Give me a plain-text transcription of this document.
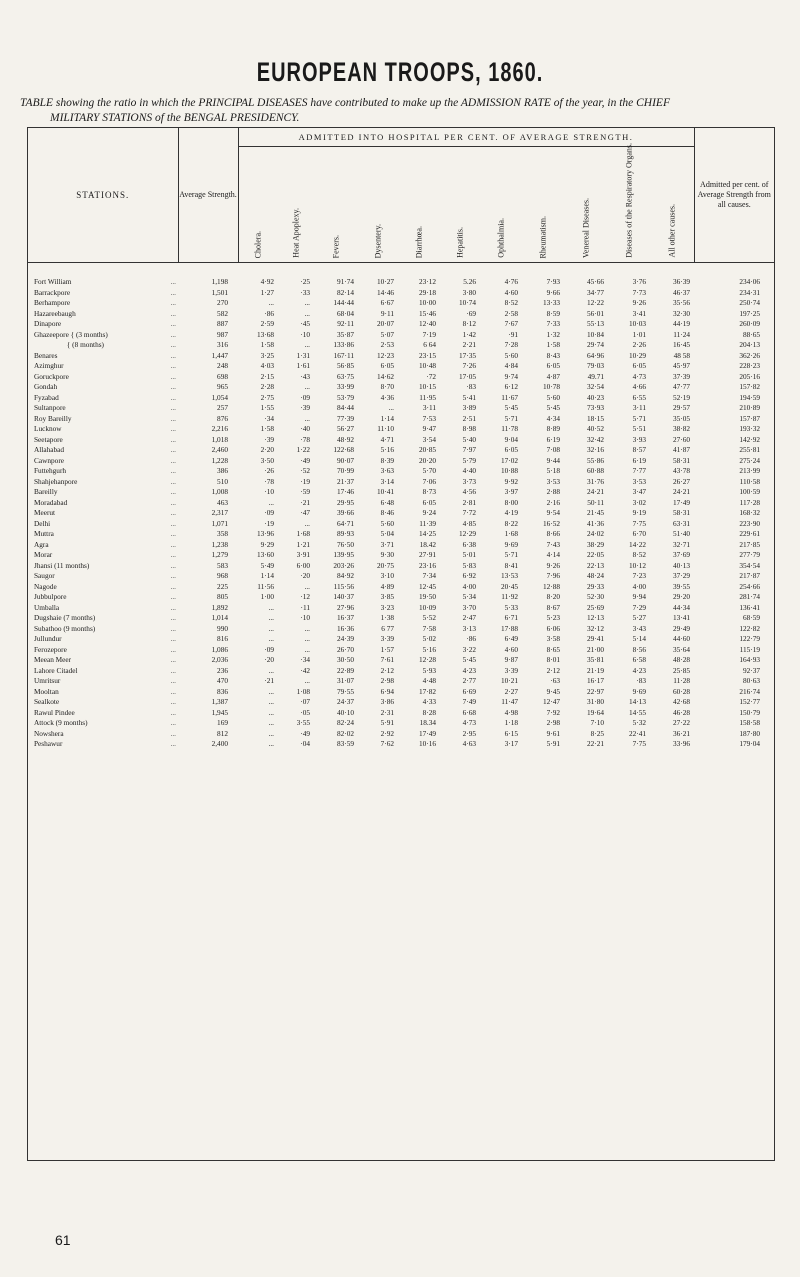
EUROPEAN TROOPS, 1860.
TABLE showing the ratio in which the PRINCIPAL DISEASES have contributed to make up the ADMISSION RATE of the year, in the CHIEF
MILITARY STATIONS of the BENGAL PRESIDENCY.
STATIONS.	Average Strength.	ADMITTED INTO HOSPITAL PER CENT. OF AVERAGE STRENGTH.											Admitted per cent. of Average Strength from all causes.

		Cholera.	Heat Apoplexy.	Fevers.	Dysentery.	Diarrhœa.	Hepatitis.	Ophthalmia.	Rheumatism.	Venereal Diseases.	Diseases of the Respiratory Organs.	All other causes.	

Fort William ...	1,198	4·92	·25	91·74	10·27	23·12	5.26	4·76	7·93	45·66	3·76	36·39	234·06
Barrackpore ...	1,501	1·27	·33	82·14	14·46	29·18	3·80	4·60	9·66	34·77	7·73	46·37	234·31
Berhampore ...	270	...	...	144·44	6·67	10·00	10·74	8·52	13·33	12·22	9·26	35·56	250·74
Hazareebaugh ...	582	·86	...	68·04	9·11	15·46	·69	2·58	8·59	56·01	3·41	32·30	197·25
Dinapore ...	887	2·59	·45	92·11	20·07	12·40	8·12	7·67	7·33	55·13	10·03	44·19	260·09
Ghazeepore { (3 months) ...	987	13·68	·10	35·87	5·07	7·19	1·42	·91	1·32	10·84	1·01	11·24	88·65
{ (8 months) ...	316	1·58	...	133·86	2·53	6 64	2·21	7·28	1·58	29·74	2·26	16·45	204·13
Benares ...	1,447	3·25	1·31	167·11	12·23	23·15	17·35	5·60	8·43	64·96	10·29	48 58	362·26
Azimghur ...	248	4·03	1·61	56·85	6·05	10·48	7·26	4·84	6·05	79·03	6·05	45·97	228·23
Goruckpore ...	698	2·15	·43	63·75	14·62	·72	17·05	9·74	4·87	49.71	4·73	37·39	205·16
Gondah ...	965	2·28	...	33·99	8·70	10·15	·83	6·12	10·78	32·54	4·66	47·77	157·82
Fyzabad ...	1,054	2·75	·09	53·79	4·36	11·95	5·41	11·67	5·60	40·23	6·55	52·19	194·59
Sultanpore ...	257	1·55	·39	84·44	...	3·11	3·89	5·45	5·45	73·93	3·11	29·57	210·89
Roy Bareilly ...	876	·34	...	77·39	1·14	7·53	2·51	5·71	4·34	18·15	5·71	35·05	157·87
Lucknow ...	2,216	1·58	·40	56·27	11·10	9·47	8·98	11·78	8·89	40·52	5·51	38·82	193·32
Seetapore ...	1,018	·39	·78	48·92	4·71	3·54	5·40	9·04	6·19	32·42	3·93	27·60	142·92
Allahabad ...	2,460	2·20	1·22	122·68	5·16	20·85	7·97	6·05	7·08	32·16	8·57	41·87	255·81
Cawnpore ...	1,228	3·50	·49	90·07	8·39	20·20	5·79	17·02	9·44	55·86	6·19	58·31	275·24
Futtehgurh ...	386	·26	·52	70·99	3·63	5·70	4·40	10·88	5·18	60·88	7·77	43·78	213·99
Shahjehanpore ...	510	·78	·19	21·37	3·14	7·06	3·73	9·92	3·53	31·76	3·53	26·27	110·58
Bareilly ...	1,008	·10	·59	17·46	10·41	8·73	4·56	3·97	2·88	24·21	3·47	24·21	100·59
Moradabad ...	463	...	·21	29·95	6·48	6·05	2·81	8·00	2·16	50·11	3·02	17·49	117·28
Meerut ...	2,317	·09	·47	39·66	8·46	9·24	7·72	4·19	9·54	21·45	9·19	58·31	168·32
Delhi ...	1,071	·19	...	64·71	5·60	11·39	4·85	8·22	16·52	41·36	7·75	63·31	223·90
Muttra ...	358	13·96	1·68	89·93	5·04	14·25	12·29	1·68	8·66	24·02	6·70	51·40	229·61
Agra ...	1,238	9·29	1·21	76·50	3·71	18.42	6·38	9·69	7·43	38·29	14·22	32·71	217·85
Morar ...	1,279	13·60	3·91	139·95	9·30	27·91	5·01	5·71	4·14	22·05	8·52	37·69	277·79
Jhansi (11 months) ...	583	5·49	6·00	203·26	20·75	23·16	5·83	8·41	9·26	22·13	10·12	40·13	354·54
Saugor ...	968	1·14	·20	84·92	3·10	7·34	6·92	13·53	7·96	48·24	7·23	37·29	217·87
Nagode ...	225	11·56	...	115·56	4·89	12·45	4·00	20·45	12·88	29·33	4·00	39·55	254·66
Jubbulpore ...	805	1·00	·12	140·37	3·85	19·50	5·34	11·92	8·20	52·30	9·94	29·20	281·74
Umballa ...	1,892	...	·11	27·96	3·23	10·09	3·70	5·33	8·67	25·69	7·29	44·34	136·41
Dugshaie (7 months) ...	1,014	...	·10	16·37	1·38	5·52	2·47	6·71	5·23	12·13	5·27	13·41	68·59
Subathoo (9 months) ...	990	...	...	16·36	6 77	7·58	3·13	17·88	6·06	32·12	3·43	29·49	122·82
Jullundur ...	816	...	...	24·39	3·39	5·02	·86	6·49	3·58	29·41	5·14	44·60	122·79
Ferozepore ...	1,086	·09	...	26·70	1·57	5·16	3·22	4·60	8·65	21·00	8·56	35·64	115·19
Meean Meer ...	2,036	·20	·34	30·50	7·61	12·28	5·45	9·87	8·01	35·81	6·58	48·28	164·93
Lahore Citadel ...	236	...	·42	22·89	2·12	5·93	4·23	3·39	2·12	21·19	4·23	25·85	92·37
Umritsur ...	470	·21	...	31·07	2·98	4·48	2·77	10·21	·63	16·17	·83	11·28	80·63
Mooltan ...	836	...	1·08	79·55	6·94	17·82	6·69	2·27	9·45	22·97	9·69	60·28	216·74
Sealkote ...	1,387	...	·07	24·37	3·86	4·33	7·49	11·47	12·47	31·80	14·13	42·68	152·77
Rawul Pindee ...	1,945	...	·05	40·10	2·31	8·28	6·68	4·98	7·92	19·64	14·55	46·28	150·79
Attock (9 months) ...	169	...	3·55	82·24	5·91	18.34	4·73	1·18	2·98	7·10	5·32	27·22	158·58
Nowshera ...	812	...	·49	82·02	2·92	17·49	2·95	6·15	9·61	8·25	22·41	36·21	187·80
Peshawur ...	2,400	...	·04	83·59	7·62	10·16	4·63	3·17	5·91	22·21	7·75	33·96	179·04
61
